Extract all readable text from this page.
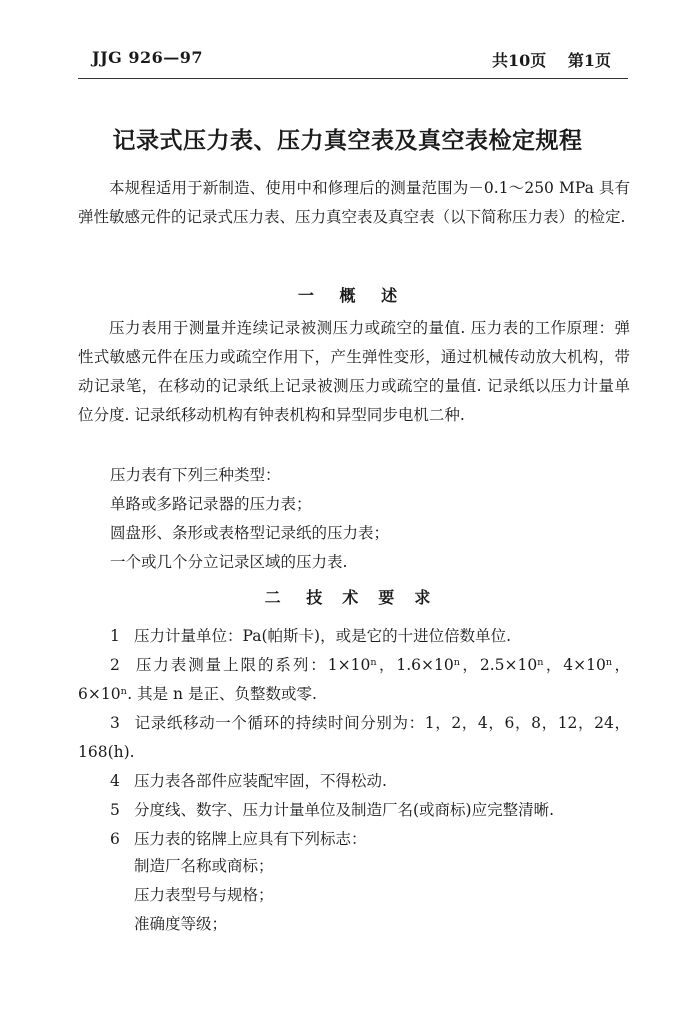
JJG 926—97	共10页 第1页
记录式压力表、压力真空表及真空表检定规程

本规程适用于新制造、使用中和修理后的测量范围为－0.1～250 MPa 具有弹性敏感元件的记录式压力表、压力真空表及真空表（以下简称压力表）的检定.

一 概 述

压力表用于测量并连续记录被测压力或疏空的量值. 压力表的工作原理：弹性式敏感元件在压力或疏空作用下，产生弹性变形，通过机械传动放大机构，带动记录笔，在移动的记录纸上记录被测压力或疏空的量值. 记录纸以压力计量单位分度. 记录纸移动机构有钟表机构和异型同步电机二种.

压力表有下列三种类型：
单路或多路记录器的压力表；
圆盘形、条形或表格型记录纸的压力表；
一个或几个分立记录区域的压力表.
二 技 术 要 求
1 压力计量单位：Pa(帕斯卡)，或是它的十进位倍数单位.

2 压力表测量上限的系列：1×10ⁿ，1.6×10ⁿ，2.5×10ⁿ，4×10ⁿ，6×10ⁿ. 其是 n 是正、负整数或零.

3 记录纸移动一个循环的持续时间分别为：1，2，4，6，8，12，24，168(h).

4 压力表各部件应装配牢固，不得松动.
5 分度线、数字、压力计量单位及制造厂名(或商标)应完整清晰.
6 压力表的铭牌上应具有下列标志：
制造厂名称或商标；
压力表型号与规格；
准确度等级；
